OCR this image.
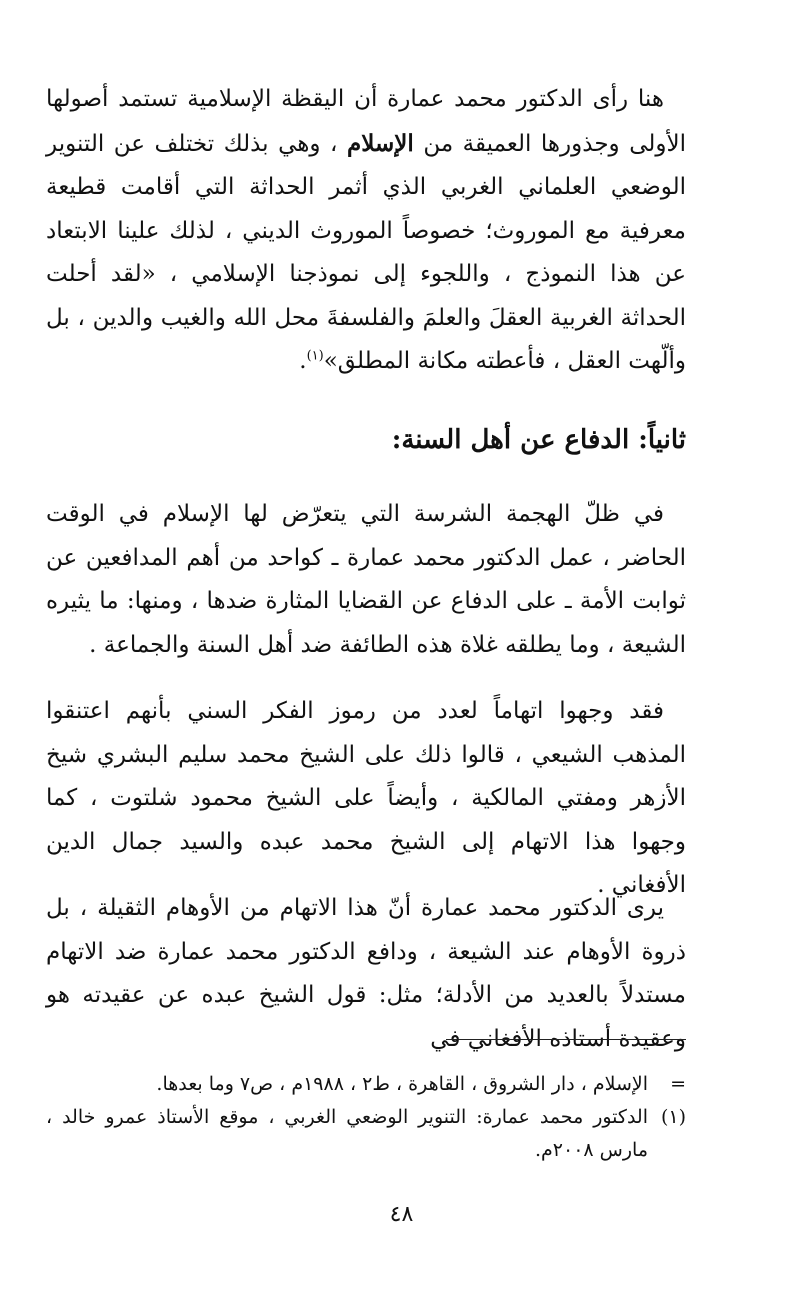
هنا رأى الدكتور محمد عمارة أن اليقظة الإسلامية تستمد أصولها الأولى وجذورها العميقة من الإسلام ، وهي بذلك تختلف عن التنوير الوضعي العلماني الغربي الذي أثمر الحداثة التي أقامت قطيعة معرفية مع الموروث؛ خصوصاً الموروث الديني ، لذلك علينا الابتعاد عن هذا النموذج ، واللجوء إلى نموذجنا الإسلامي ، «لقد أحلت الحداثة الغربية العقلَ والعلمَ والفلسفةَ محل الله والغيب والدين ، بل وألّهت العقل ، فأعطته مكانة المطلق»$^{(١)}$.

ثانياً: الدفاع عن أهل السنة:

في ظلّ الهجمة الشرسة التي يتعرّض لها الإسلام في الوقت الحاضر ، عمل الدكتور محمد عمارة ـ كواحد من أهم المدافعين عن ثوابت الأمة ـ على الدفاع عن القضايا المثارة ضدها ، ومنها: ما يثيره الشيعة ، وما يطلقه غلاة هذه الطائفة ضد أهل السنة والجماعة .

فقد وجهوا اتهاماً لعدد من رموز الفكر السني بأنهم اعتنقوا المذهب الشيعي ، قالوا ذلك على الشيخ محمد سليم البشري شيخ الأزهر ومفتي المالكية ، وأيضاً على الشيخ محمود شلتوت ، كما وجهوا هذا الاتهام إلى الشيخ محمد عبده والسيد جمال الدين الأفغاني .

يرى الدكتور محمد عمارة أنّ هذا الاتهام من الأوهام الثقيلة ، بل ذروة الأوهام عند الشيعة ، ودافع الدكتور محمد عمارة ضد الاتهام مستدلاً بالعديد من الأدلة؛ مثل: قول الشيخ عبده عن عقيدته هو وعقيدة أستاذه الأفغاني في

=
الإسلام ، دار الشروق ، القاهرة ، ط٢ ، ١٩٨٨م ، ص٧ وما بعدها.
(١)
الدكتور محمد عمارة: التنوير الوضعي الغربي ، موقع الأستاذ عمرو خالد ، مارس ٢٠٠٨م.
٤٨
